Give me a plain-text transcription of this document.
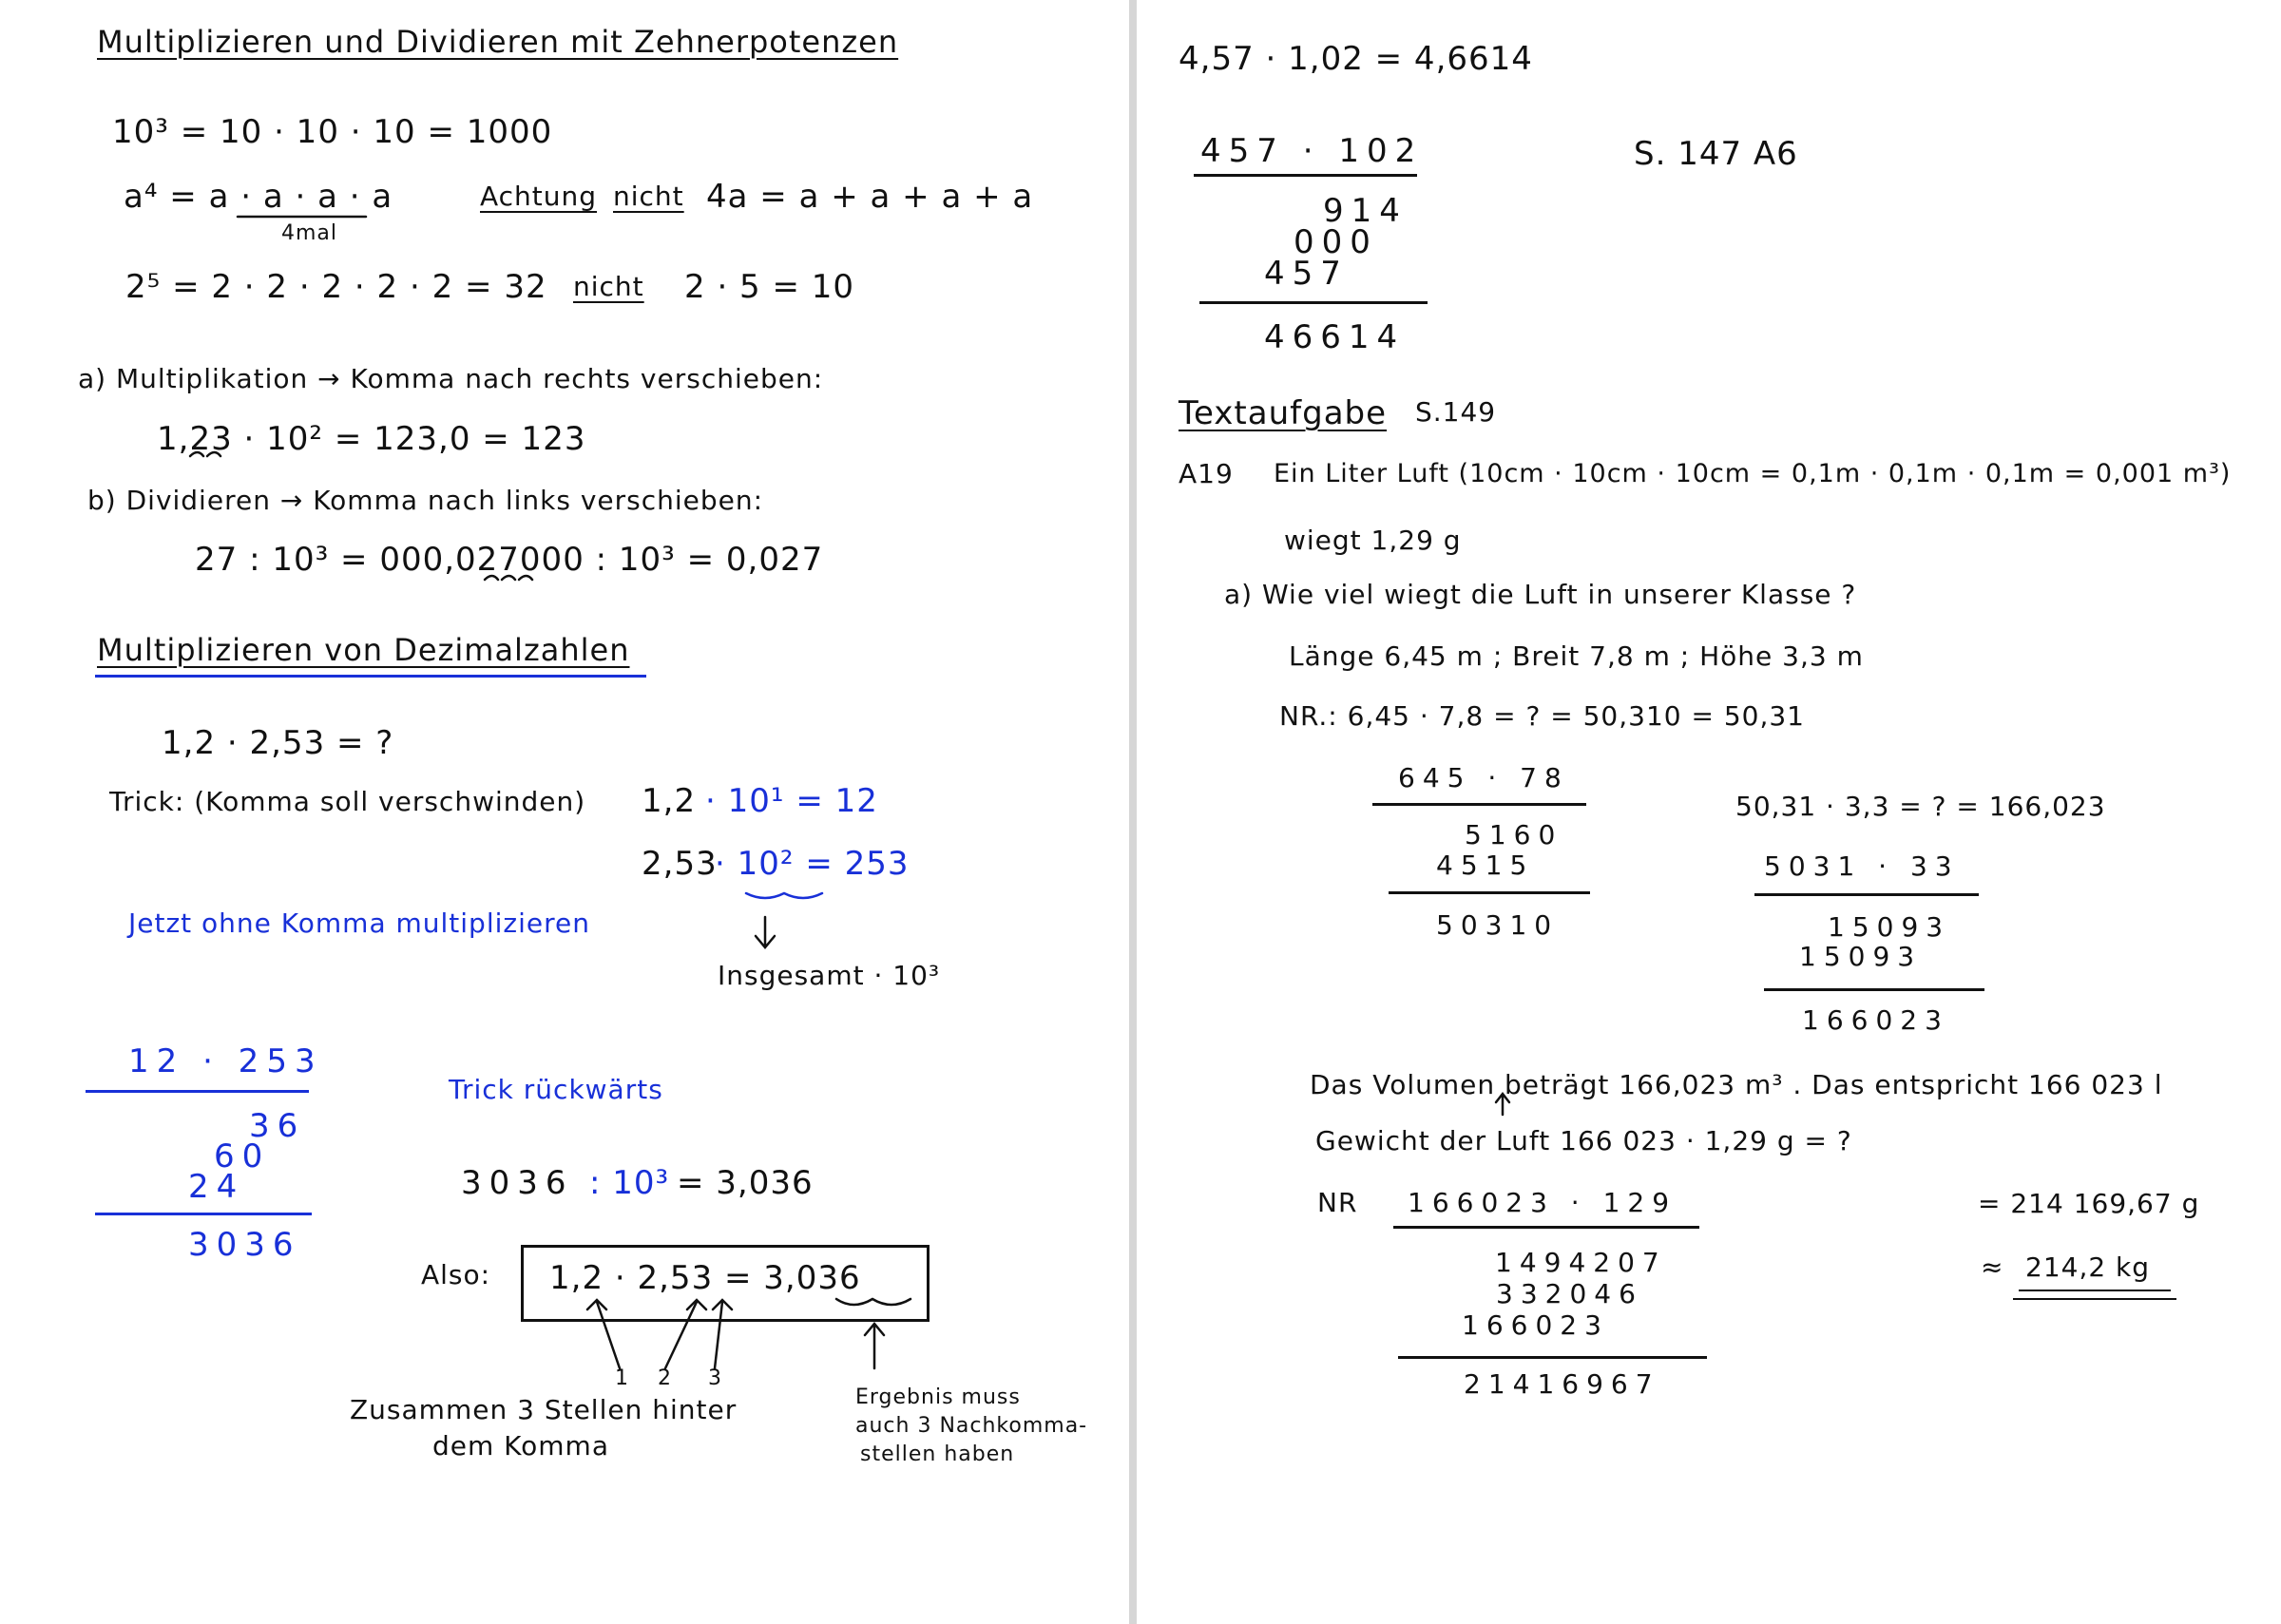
Multiplizieren und Dividieren mit Zehnerpotenzen
10³ = 10 · 10 · 10 = 1000
a⁴ = a · a · a · a
4mal
Achtung nicht 4a = a + a + a + a
2⁵ = 2 · 2 · 2 · 2 · 2 = 32 nicht 2 · 5 = 10
a) Multiplikation → Komma nach rechts verschieben:
1,23 · 10² = 123,0 = 123
b) Dividieren → Komma nach links verschieben:
27 : 10³ = 000,027000 : 10³ = 0,027
Multiplizieren von Dezimalzahlen
1,2 · 2,53 = ?
Trick: (Komma soll verschwinden) 1,2 · 10¹ = 12
2,53
· 10² = 253
Jetzt ohne Komma multiplizieren
Insgesamt · 10³
12 · 253
36
60
24
3036
Trick rückwärts
3036 : 10³ = 3,036
Also: 1,2 · 2,53 = 3,036
1 2 3
Zusammen 3 Stellen hinter
dem Komma
Ergebnis muss
auch 3 Nachkomma-
stellen haben
4,57 · 1,02 = 4,6614
457 · 102
914
000
457
46614
S. 147 A6
Textaufgabe S.149
A19 Ein Liter Luft (10cm · 10cm · 10cm = 0,1m · 0,1m · 0,1m = 0,001 m³)
wiegt 1,29 g
a) Wie viel wiegt die Luft in unserer Klasse ?
Länge 6,45 m ; Breit 7,8 m ; Höhe 3,3 m
NR.: 6,45 · 7,8 = ? = 50,310 = 50,31
645 · 78
5160
4515
50310
50,31 · 3,3 = ? = 166,023
5031 · 33
15093
15093
166023
Das Volumen beträgt 166,023 m³ . Das entspricht 166 023 l
Gewicht der Luft 166 023 · 1,29 g = ?
NR 166023 · 129
1494207
332046
166023
21416967
= 214 169,67 g
≈ 214,2 kg
